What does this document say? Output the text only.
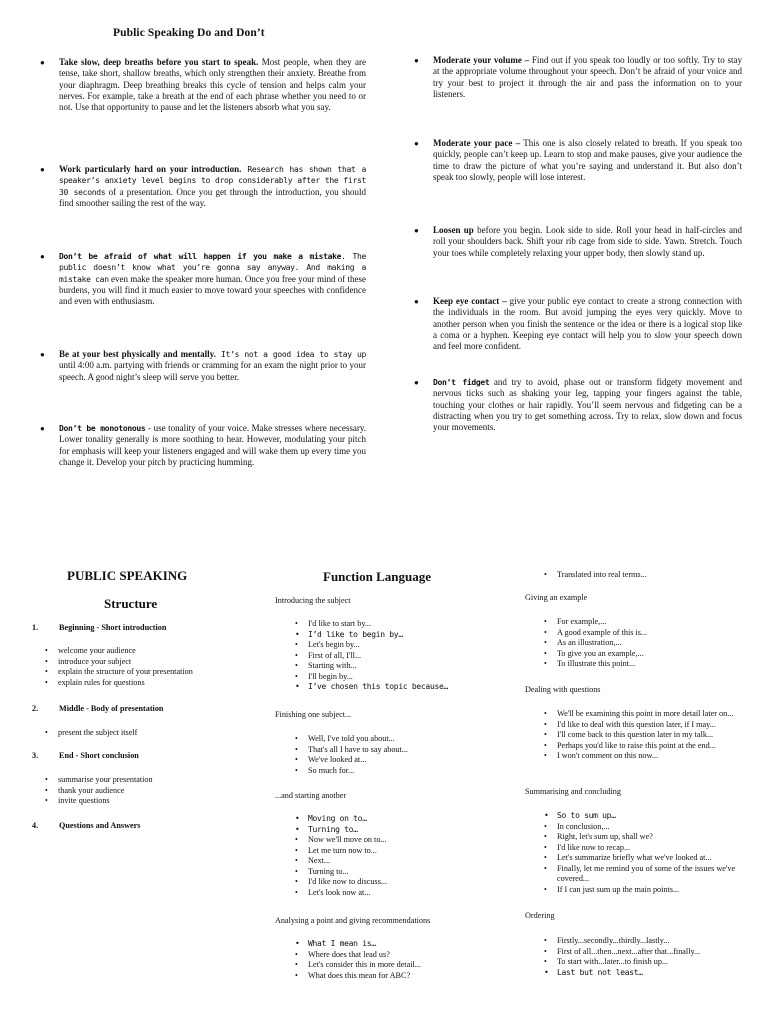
Public Speaking Do and Don’t
● Take slow, deep breaths before you start to speak. Most people, when they are tense, take short, shallow breaths, which only strengthen their anxiety. Breathe from your diaphragm. Deep breathing breaks this cycle of tension and helps calm your nerves. For example, take a breath at the end of each phrase whether you need to or not. Use that opportunity to pause and let the listeners absorb what you say.
● Work particularly hard on your introduction. Research has shown that a speaker’s anxiety level begins to drop considerably after the first 30 seconds of a presentation. Once you get through the introduction, you should find smoother sailing the rest of the way.
● Don’t be afraid of what will happen if you make a mistake. The public doesn’t know what you’re gonna say anyway. And making a mistake can even make the speaker more human. Once you free your mind of these burdens, you will find it much easier to move toward your speeches with confidence and even with enthusiasm.
● Be at your best physically and mentally. It’s not a good idea to stay up until 4:00 a.m. partying with friends or cramming for an exam the night prior to your speech. A good night’s sleep will serve you better.
● Don’t be monotonous - use tonality of your voice. Make stresses where necessary. Lower tonality generally is more soothing to hear. However, modulating your pitch for emphasis will keep your listeners engaged and will wake them up every time you change it. Develop your pitch by practicing humming.
● Moderate your volume – Find out if you speak too loudly or too softly. Try to stay at the appropriate volume throughout your speech. Don’t be afraid of your voice and try your best to project it through the air and pass the information on to your listeners.
● Moderate your pace – This one is also closely related to breath. If you speak too quickly, people can’t keep up. Learn to stop and make pauses, give your audience the time to draw the picture of what you’re saying and understand it. But also don’t speak too slowly, people will lose interest.
● Loosen up before you begin. Look side to side. Roll your head in half-circles and roll your shoulders back. Shift your rib cage from side to side. Yawn. Stretch. Touch your toes while completely relaxing your upper body, then slowly stand up.
● Keep eye contact – give your public eye contact to create a strong connection with the individuals in the room. But avoid jumping the eyes very quickly. Move to another person when you finish the sentence or the idea or there is a logical stop like a coma or a hyphen. Keeping eye contact will help you to slow your speech down and feel more confident.
● Don’t fidget and try to avoid, phase out or transform fidgety movement and nervous ticks such as shaking your leg, tapping your fingers against the table, touching your clothes or hair rapidly. You’ll seem nervous and fidgeting can be a distracting when you try to get something across. Try to relax, slow down and focus your movements.
PUBLIC SPEAKING
Structure
1.	Beginning - Short introduction
• welcome your audience
• introduce your subject
• explain the structure of your presentation
• explain rules for questions
2.	Middle - Body of presentation
• present the subject itself
3.	End - Short conclusion
• summarise your presentation
• thank your audience
• invite questions
4.	Questions and Answers
Function Language
Introducing the subject
• I'd like to start by...
• I’d like to begin by…
• Let's begin by...
• First of all, I'll...
• Starting with...
• I'll begin by...
• I’ve chosen this topic because…
Finishing one subject...
• Well, I've told you about...
• That's all I have to say about...
• We've looked at...
• So much for...
...and starting another
• Moving on to…
• Turning to…
• Now we'll move on to...
• Let me turn now to...
• Next...
• Turning to...
• I'd like now to discuss...
• Let's look now at...
Analysing a point and giving recommendations
• What I mean is…
• Where does that lead us?
• Let's consider this in more detail...
• What does this mean for ABC?
• Translated into real terms...
Giving an example
• For example,...
• A good example of this is...
• As an illustration,...
• To give you an example,...
• To illustrate this point...
Dealing with questions
• We'll be examining this point in more detail later on...
• I'd like to deal with this question later, if I may...
• I'll come back to this question later in my talk...
• Perhaps you'd like to raise this point at the end...
• I won't comment on this now...
Summarising and concluding
• So to sum up…
• In conclusion,...
• Right, let's sum up, shall we?
• I'd like now to recap...
• Let's summarize briefly what we've looked at...
• Finally, let me remind you of some of the issues we've covered...
• If I can just sum up the main points...
Ordering
• Firstly...secondly...thirdly...lastly...
• First of all...then...next...after that...finally...
• To start with...later...to finish up...
• Last but not least…
